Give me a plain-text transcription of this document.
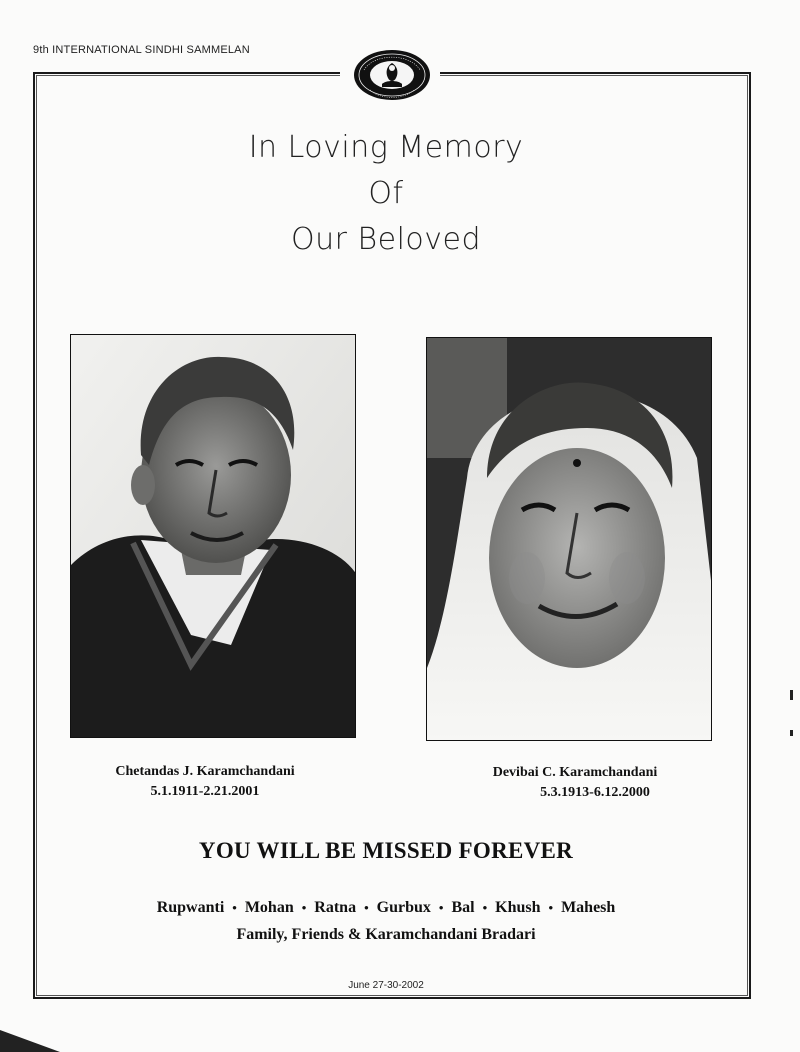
9th INTERNATIONAL SINDHI SAMMELAN
In Loving Memory
Of
Our Beloved
Chetandas J. Karamchandani
5.1.1911-2.21.2001
Devibai C. Karamchandani
5.3.1913-6.12.2000
YOU WILL BE MISSED FOREVER
Rupwanti • Mohan • Ratna • Gurbux • Bal • Khush • Mahesh
Family, Friends & Karamchandani Bradari
June 27-30-2002
